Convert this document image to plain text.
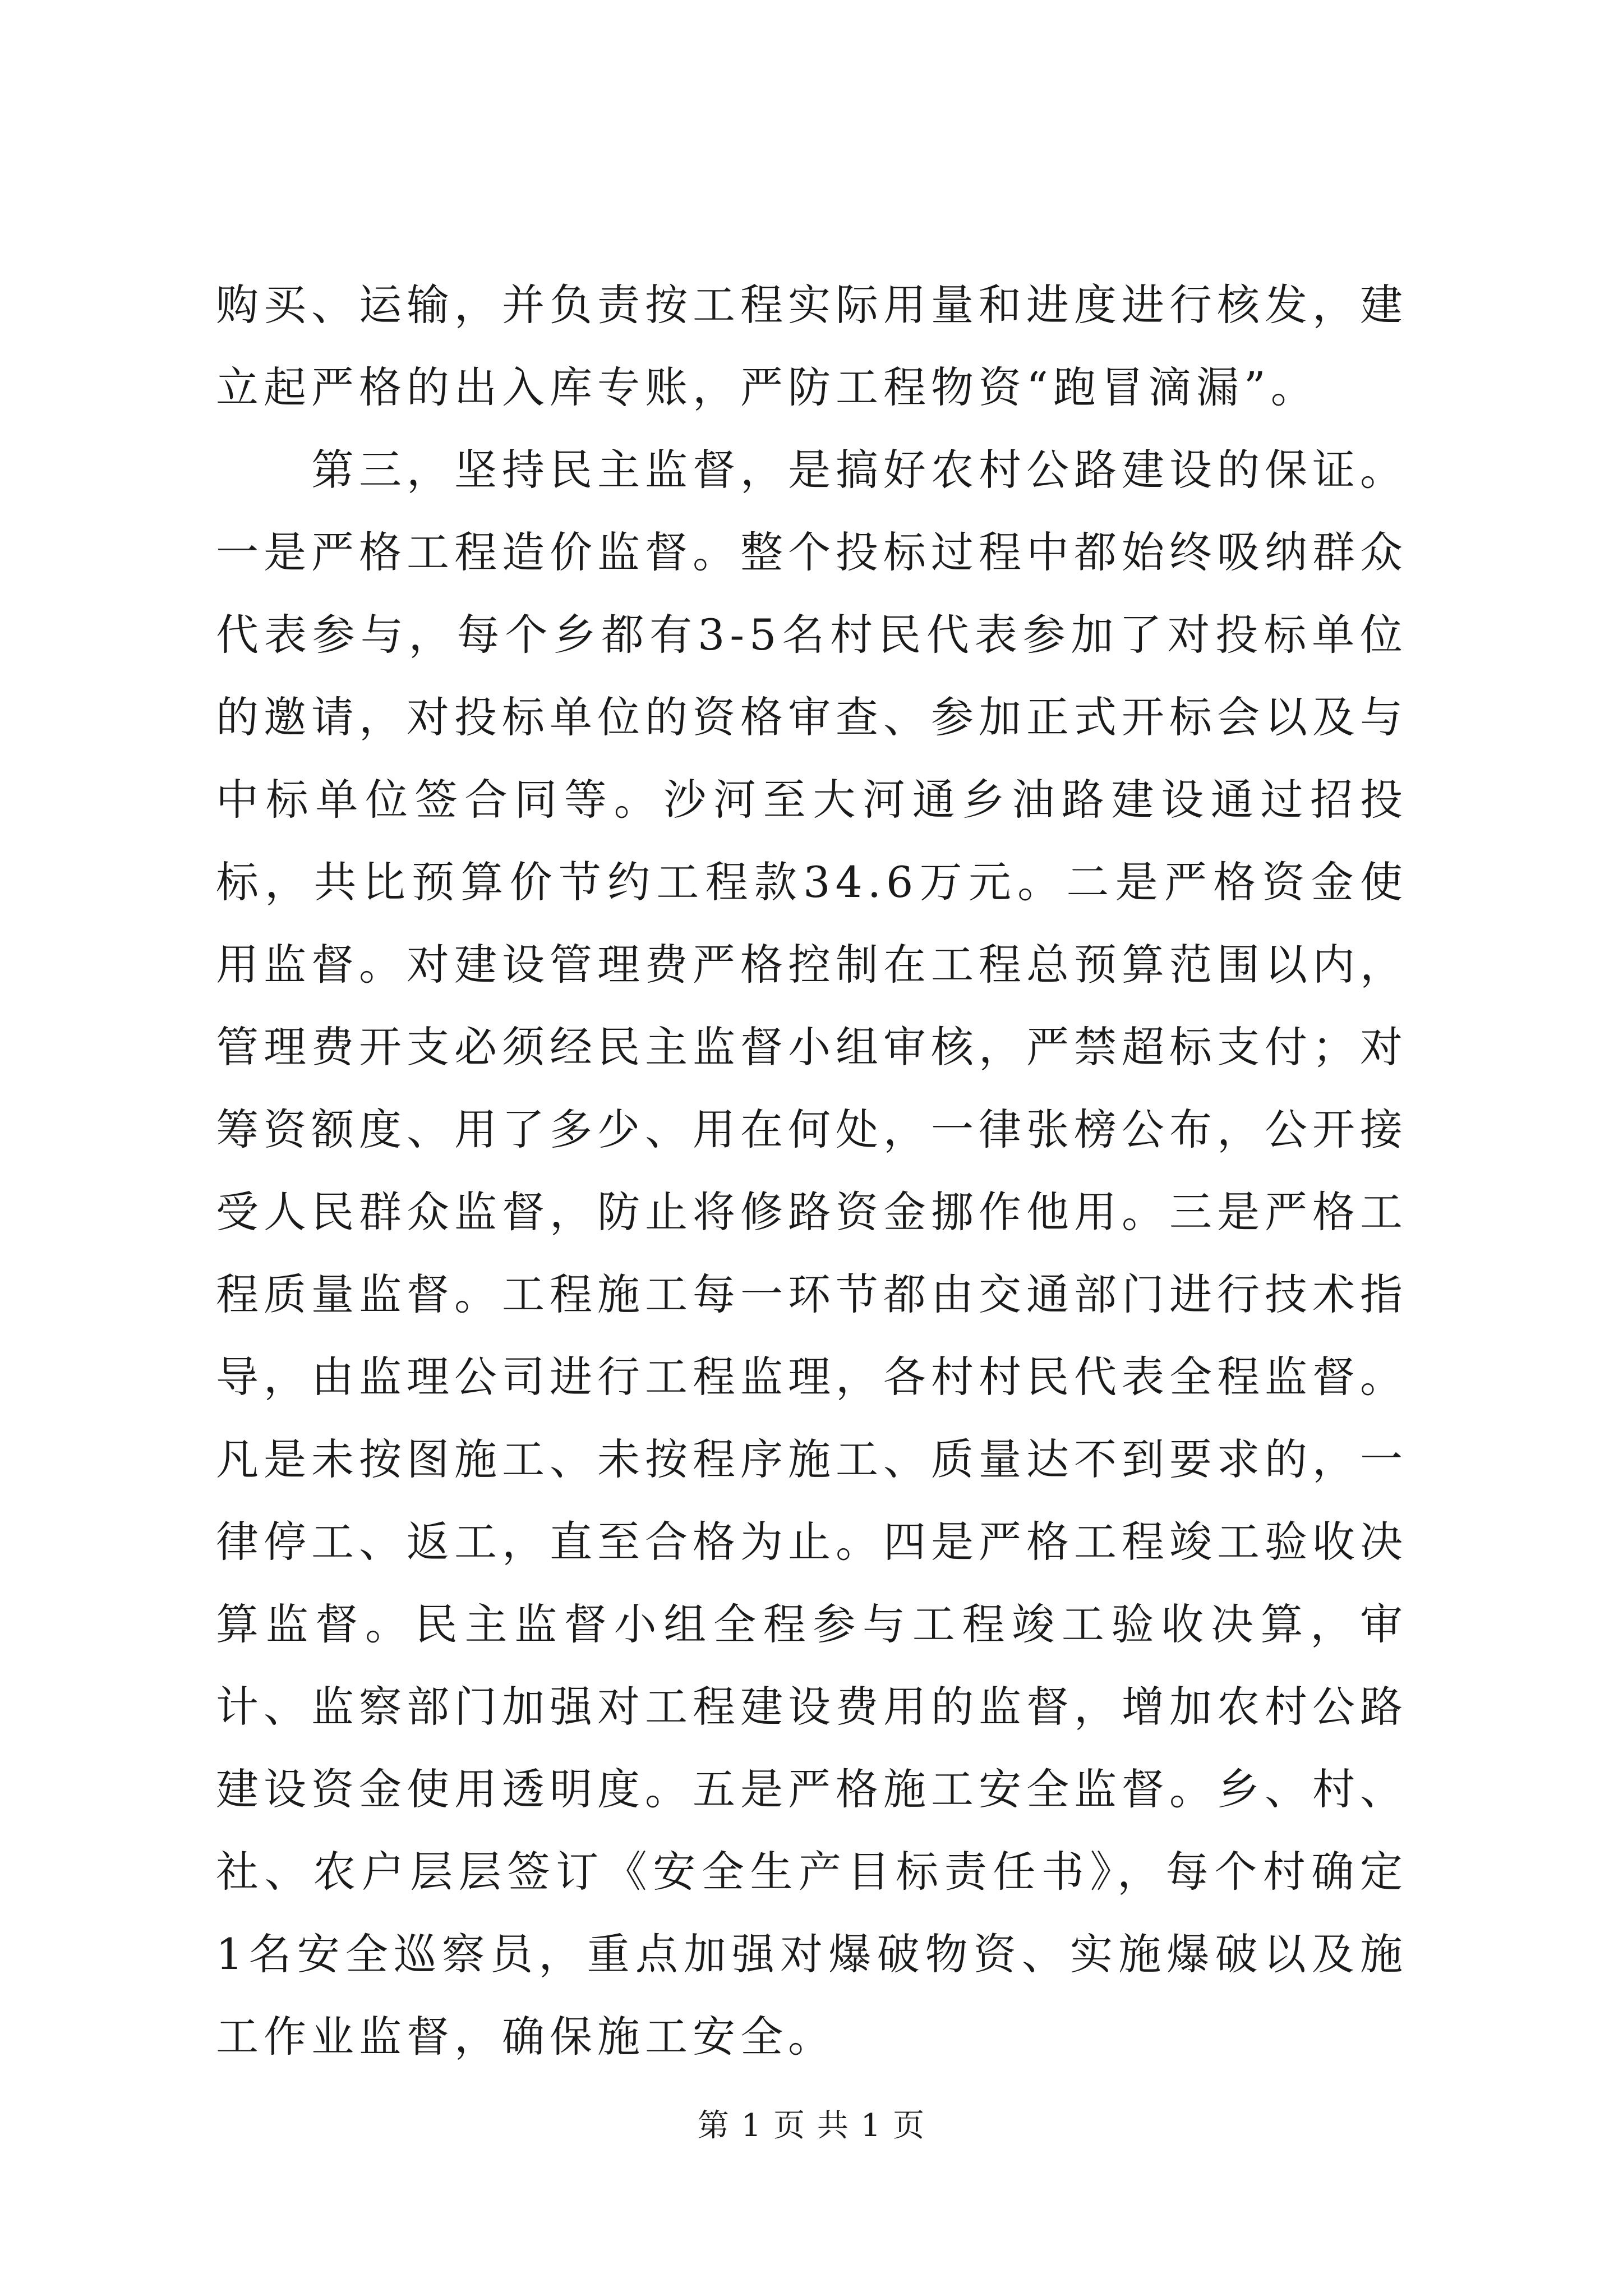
购买、运输，并负责按工程实际用量和进度进行核发，建立起严格的出入库专账，严防工程物资“跑冒滴漏”。

第三，坚持民主监督，是搞好农村公路建设的保证。一是严格工程造价监督。整个投标过程中都始终吸纳群众代表参与，每个乡都有3-5名村民代表参加了对投标单位的邀请，对投标单位的资格审查、参加正式开标会以及与中标单位签合同等。沙河至大河通乡油路建设通过招投标，共比预算价节约工程款34.6万元。二是严格资金使用监督。对建设管理费严格控制在工程总预算范围以内，管理费开支必须经民主监督小组审核，严禁超标支付；对筹资额度、用了多少、用在何处，一律张榜公布，公开接受人民群众监督，防止将修路资金挪作他用。三是严格工程质量监督。工程施工每一环节都由交通部门进行技术指导，由监理公司进行工程监理，各村村民代表全程监督。凡是未按图施工、未按程序施工、质量达不到要求的，一律停工、返工，直至合格为止。四是严格工程竣工验收决算监督。民主监督小组全程参与工程竣工验收决算，审计、监察部门加强对工程建设费用的监督，增加农村公路建设资金使用透明度。五是严格施工安全监督。乡、村、社、农户层层签订《安全生产目标责任书》，每个村确定1名安全巡察员，重点加强对爆破物资、实施爆破以及施工作业监督，确保施工安全。

第 1 页 共 1 页
